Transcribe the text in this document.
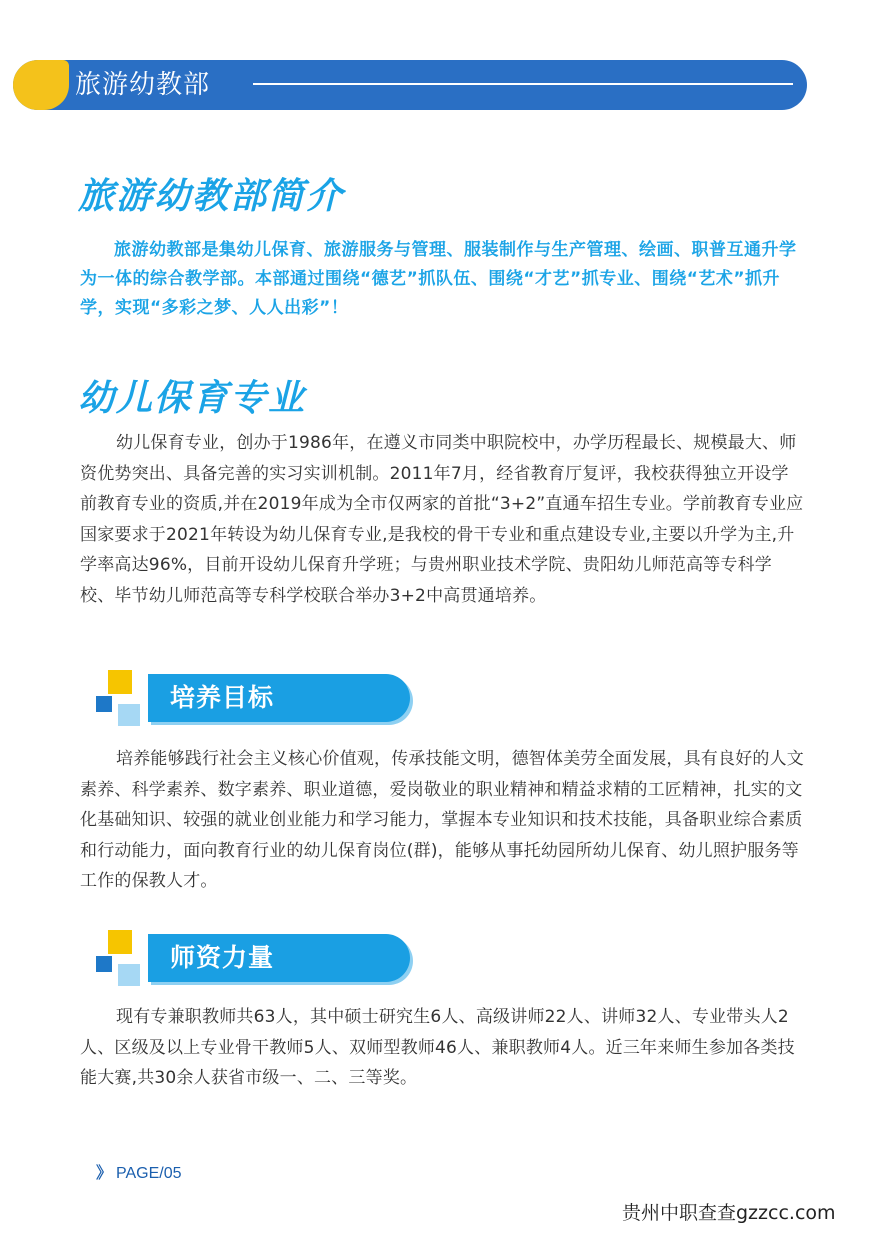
旅游幼教部
旅游幼教部简介
旅游幼教部是集幼儿保育、旅游服务与管理、服装制作与生产管理、绘画、职普互通升学为一体的综合教学部。本部通过围绕“德艺”抓队伍、围绕“才艺”抓专业、围绕“艺术”抓升学，实现“多彩之梦、人人出彩”！
幼儿保育专业
幼儿保育专业，创办于1986年，在遵义市同类中职院校中，办学历程最长、规模最大、师资优势突出、具备完善的实习实训机制。2011年7月，经省教育厅复评，我校获得独立开设学前教育专业的资质,并在2019年成为全市仅两家的首批“3+2”直通车招生专业。学前教育专业应国家要求于2021年转设为幼儿保育专业,是我校的骨干专业和重点建设专业,主要以升学为主,升学率高达96%，目前开设幼儿保育升学班；与贵州职业技术学院、贵阳幼儿师范高等专科学校、毕节幼儿师范高等专科学校联合举办3+2中高贯通培养。
培养目标
培养能够践行社会主义核心价值观，传承技能文明，德智体美劳全面发展，具有良好的人文素养、科学素养、数字素养、职业道德，爱岗敬业的职业精神和精益求精的工匠精神，扎实的文化基础知识、较强的就业创业能力和学习能力，掌握本专业知识和技术技能，具备职业综合素质和行动能力，面向教育行业的幼儿保育岗位(群)，能够从事托幼园所幼儿保育、幼儿照护服务等工作的保教人才。
师资力量
现有专兼职教师共63人，其中硕士研究生6人、高级讲师22人、讲师32人、专业带头人2人、区级及以上专业骨干教师5人、双师型教师46人、兼职教师4人。近三年来师生参加各类技能大赛,共30余人获省市级一、二、三等奖。
》 PAGE/05
贵州中职查查gzzcc.com
